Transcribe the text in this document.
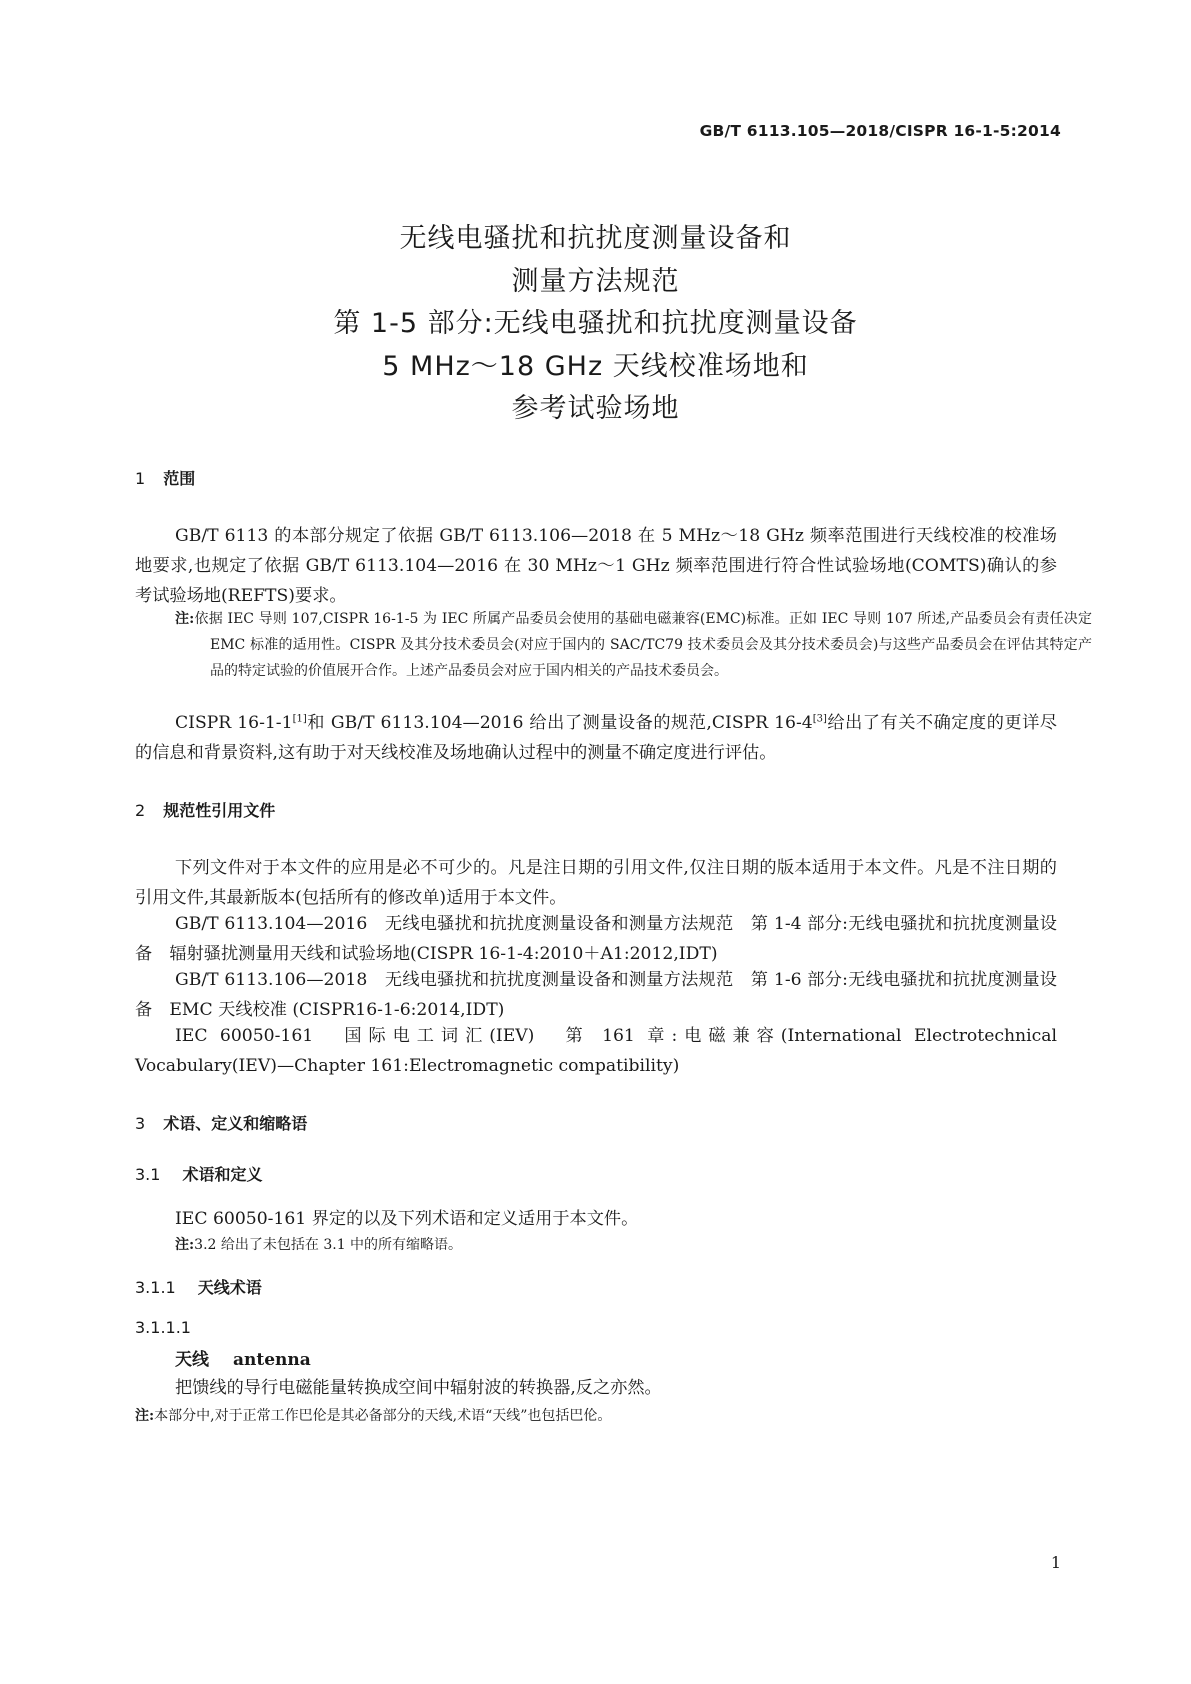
GB/T 6113.105—2018/CISPR 16-1-5:2014

无线电骚扰和抗扰度测量设备和

测量方法规范

第 1-5 部分:无线电骚扰和抗扰度测量设备

5 MHz～18 GHz 天线校准场地和

参考试验场地

1 范围
GB/T 6113 的本部分规定了依据 GB/T 6113.106—2018 在 5 MHz～18 GHz 频率范围进行天线校准的校准场地要求,也规定了依据 GB/T 6113.104—2016 在 30 MHz～1 GHz 频率范围进行符合性试验场地(COMTS)确认的参考试验场地(REFTS)要求。
注:依据 IEC 导则 107,CISPR 16-1-5 为 IEC 所属产品委员会使用的基础电磁兼容(EMC)标准。正如 IEC 导则 107 所述,产品委员会有责任决定 EMC 标准的适用性。CISPR 及其分技术委员会(对应于国内的 SAC/TC79 技术委员会及其分技术委员会)与这些产品委员会在评估其特定产品的特定试验的价值展开合作。上述产品委员会对应于国内相关的产品技术委员会。
CISPR 16-1-1[1]和 GB/T 6113.104—2016 给出了测量设备的规范,CISPR 16-4[3]给出了有关不确定度的更详尽的信息和背景资料,这有助于对天线校准及场地确认过程中的测量不确定度进行评估。
2 规范性引用文件
下列文件对于本文件的应用是必不可少的。凡是注日期的引用文件,仅注日期的版本适用于本文件。凡是不注日期的引用文件,其最新版本(包括所有的修改单)适用于本文件。
GB/T 6113.104—2016　无线电骚扰和抗扰度测量设备和测量方法规范　第 1-4 部分:无线电骚扰和抗扰度测量设备　辐射骚扰测量用天线和试验场地(CISPR 16-1-4:2010＋A1:2012,IDT)
GB/T 6113.106—2018　无线电骚扰和抗扰度测量设备和测量方法规范　第 1-6 部分:无线电骚扰和抗扰度测量设备　EMC 天线校准 (CISPR16-1-6:2014,IDT)
IEC 60050-161　国际电工词汇(IEV)　第 161 章:电磁兼容(International Electrotechnical Vocabulary(IEV)—Chapter 161:Electromagnetic compatibility)
3 术语、定义和缩略语
3.1 术语和定义
IEC 60050-161 界定的以及下列术语和定义适用于本文件。
注:3.2 给出了未包括在 3.1 中的所有缩略语。
3.1.1 天线术语
3.1.1.1
天线 antenna
把馈线的导行电磁能量转换成空间中辐射波的转换器,反之亦然。
注:本部分中,对于正常工作巴伦是其必备部分的天线,术语“天线”也包括巴伦。
1
